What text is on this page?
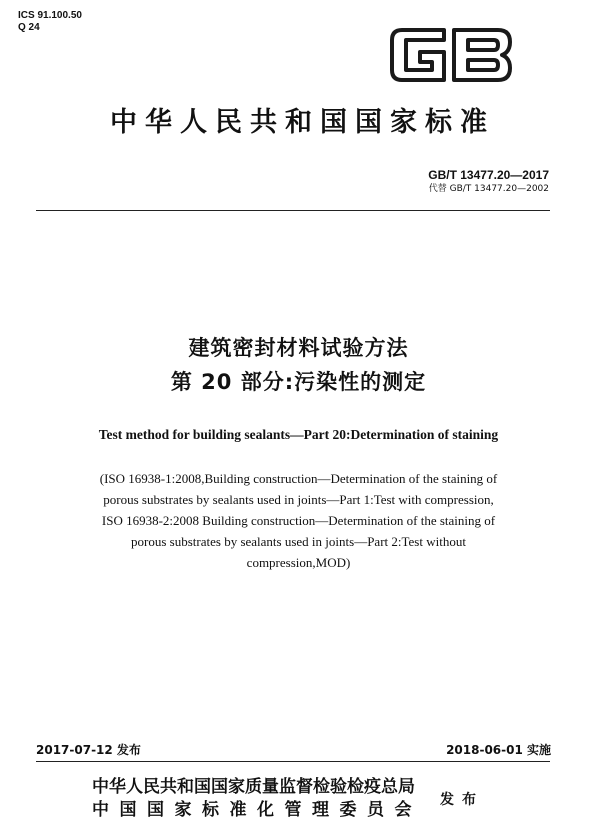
ICS 91.100.50
Q 24	GB
中华人民共和国国家标准
GB/T 13477.20—2017
代替 GB/T 13477.20—2002
建筑密封材料试验方法
第 20 部分:污染性的测定
Test method for building sealants—Part 20:Determination of staining
(ISO 16938-1:2008,Building construction—Determination of the staining of
porous substrates by sealants used in joints—Part 1:Test with compression,
ISO 16938-2:2008 Building construction—Determination of the staining of
porous substrates by sealants used in joints—Part 2:Test without
compression,MOD)
2017-07-12 发布	2018-06-01 实施
中华人民共和国国家质量监督检验检疫总局
中国国家标准化管理委员会 发布
